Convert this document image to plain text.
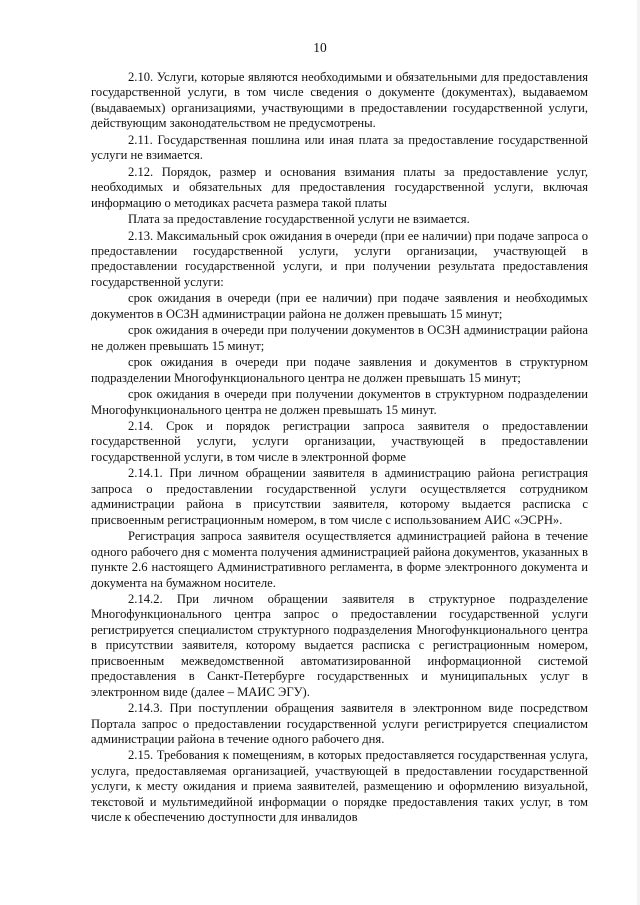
10

2.10. Услуги, которые являются необходимыми и обязательными для предоставления государственной услуги, в том числе сведения о документе (документах), выдаваемом (выдаваемых) организациями, участвующими в предоставлении государственной услуги, действующим законодательством не предусмотрены.

2.11. Государственная пошлина или иная плата за предоставление государственной услуги не взимается.

2.12. Порядок, размер и основания взимания платы за предоставление услуг, необходимых и обязательных для предоставления государственной услуги, включая информацию о методиках расчета размера такой платы

Плата за предоставление государственной услуги не взимается.

2.13. Максимальный срок ожидания в очереди (при ее наличии) при подаче запроса о предоставлении государственной услуги, услуги организации, участвующей в предоставлении государственной услуги, и при получении результата предоставления государственной услуги:

срок ожидания в очереди (при ее наличии) при подаче заявления и необходимых документов в ОСЗН администрации района не должен превышать 15 минут;

срок ожидания в очереди при получении документов в ОСЗН администрации района не должен превышать 15 минут;

срок ожидания в очереди при подаче заявления и документов в структурном подразделении Многофункционального центра не должен превышать 15 минут;

срок ожидания в очереди при получении документов в структурном подразделении Многофункционального центра не должен превышать 15 минут.

2.14. Срок и порядок регистрации запроса заявителя о предоставлении государственной услуги, услуги организации, участвующей в предоставлении государственной услуги, в том числе в электронной форме

2.14.1. При личном обращении заявителя в администрацию района регистрация запроса о предоставлении государственной услуги осуществляется сотрудником администрации района в присутствии заявителя, которому выдается расписка с присвоенным регистрационным номером, в том числе с использованием АИС «ЭСРН».

Регистрация запроса заявителя осуществляется администрацией района в течение одного рабочего дня с момента получения администрацией района документов, указанных в пункте 2.6 настоящего Административного регламента, в форме электронного документа и документа на бумажном носителе.

2.14.2. При личном обращении заявителя в структурное подразделение Многофункционального центра запрос о предоставлении государственной услуги регистрируется специалистом структурного подразделения Многофункционального центра в присутствии заявителя, которому выдается расписка с регистрационным номером, присвоенным межведомственной автоматизированной информационной системой предоставления в Санкт-Петербурге государственных и муниципальных услуг в электронном виде (далее – МАИС ЭГУ).

2.14.3. При поступлении обращения заявителя в электронном виде посредством Портала запрос о предоставлении государственной услуги регистрируется специалистом администрации района в течение одного рабочего дня.

2.15. Требования к помещениям, в которых предоставляется государственная услуга, услуга, предоставляемая организацией, участвующей в предоставлении государственной услуги, к месту ожидания и приема заявителей, размещению и оформлению визуальной, текстовой и мультимедийной информации о порядке предоставления таких услуг, в том числе к обеспечению доступности для инвалидов
